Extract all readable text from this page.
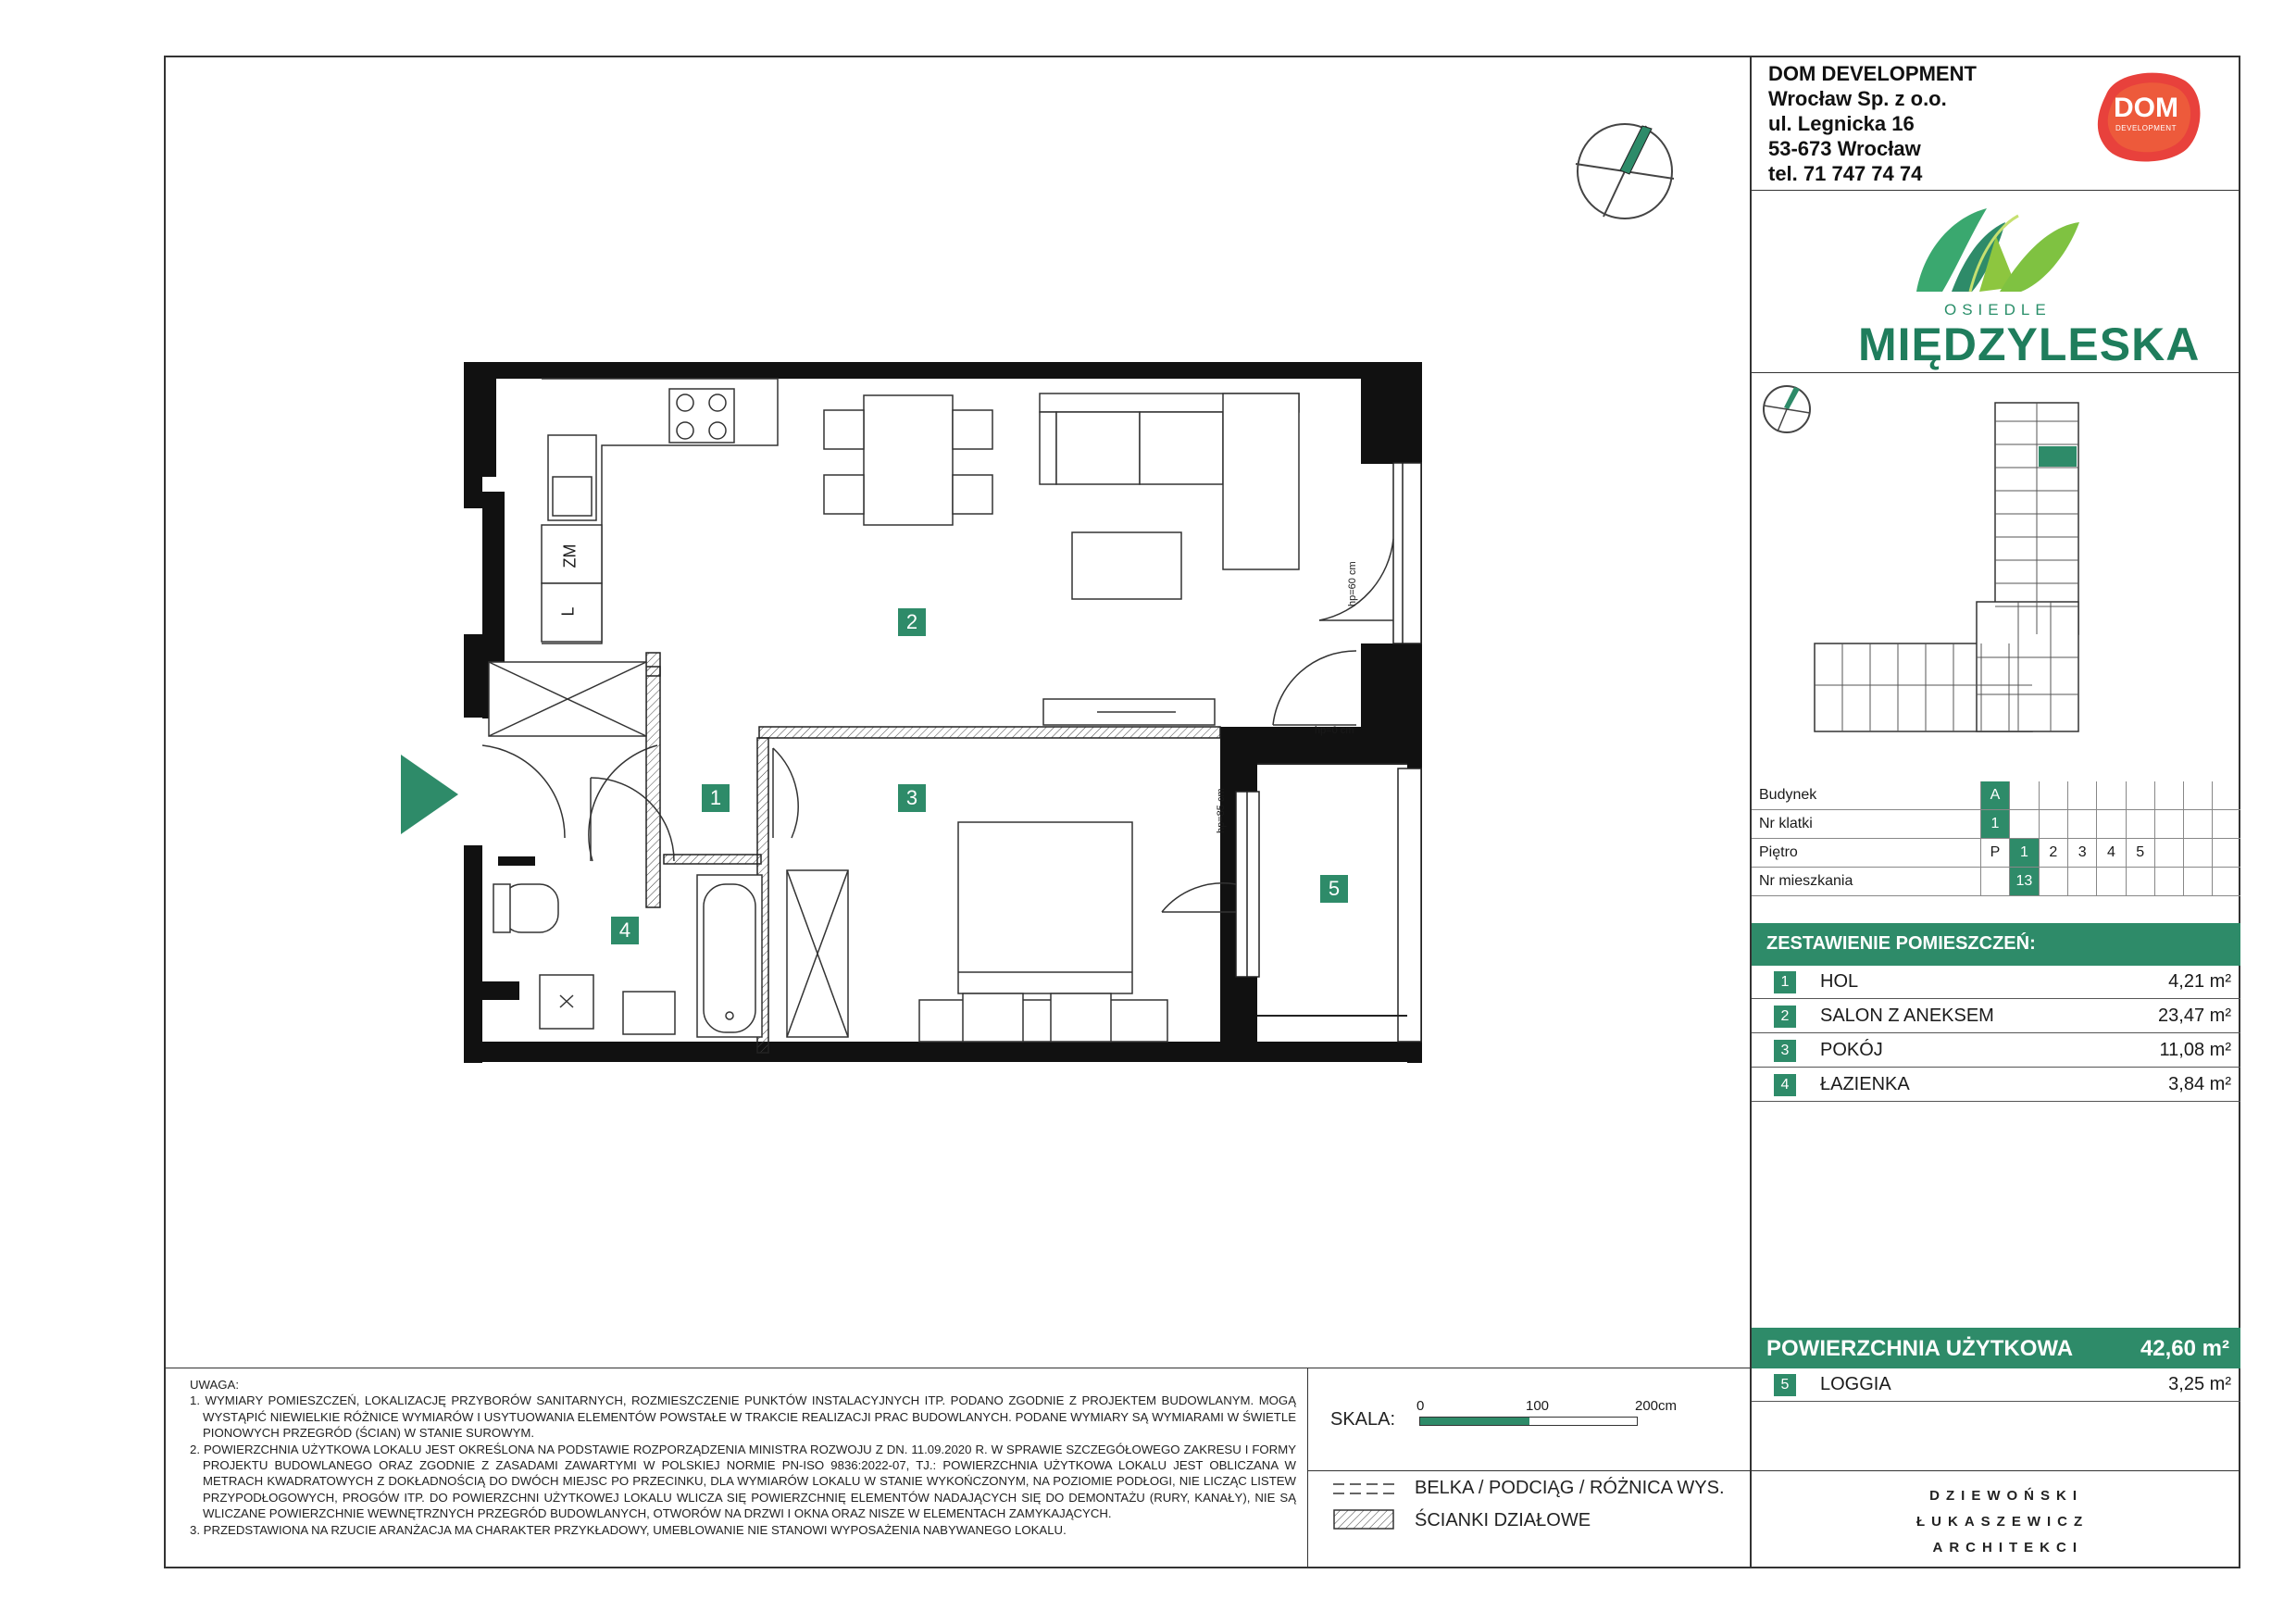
DOM DEVELOPMENT
Wrocław Sp. z o.o.
ul. Legnicka 16
53-673 Wrocław
tel. 71 747 74 74
DOM
DEVELOPMENT
OSIEDLE
MIĘDZYLESKA
Budynek	A								
Nr klatki	1								
Piętro	P	1	2	3	4	5			
Nr mieszkania		13							
ZESTAWIENIE POMIESZCZEŃ:
1	HOL	4,21 m²
2	SALON Z ANEKSEM	23,47 m²
3	POKÓJ	11,08 m²
4	ŁAZIENKA	3,84 m²
POWIERZCHNIA UŻYTKOWA	42,60 m²
5	LOGGIA	3,25 m²

UWAGA:

1. WYMIARY POMIESZCZEŃ, LOKALIZACJĘ PRZYBORÓW SANITARNYCH, ROZMIESZCZENIE PUNKTÓW INSTALACYJNYCH ITP. PODANO ZGODNIE Z PROJEKTEM BUDOWLANYM. MOGĄ WYSTĄPIĆ NIEWIELKIE RÓŻNICE WYMIARÓW I USYTUOWANIA ELEMENTÓW POWSTAŁE W TRAKCIE REALIZACJI PRAC BUDOWLANYCH. PODANE WYMIARY SĄ WYMIARAMI W ŚWIETLE PIONOWYCH PRZEGRÓD (ŚCIAN) W STANIE SUROWYM.

2. POWIERZCHNIA UŻYTKOWA LOKALU JEST OKREŚLONA NA PODSTAWIE ROZPORZĄDZENIA MINISTRA ROZWOJU Z DN. 11.09.2020 R. W SPRAWIE SZCZEGÓŁOWEGO ZAKRESU I FORMY PROJEKTU BUDOWLANEGO ORAZ ZGODNIE Z ZASADAMI ZAWARTYMI W POLSKIEJ NORMIE PN-ISO 9836:2022-07, TJ.: POWIERZCHNIA UŻYTKOWA LOKALU JEST OBLICZANA W METRACH KWADRATOWYCH Z DOKŁADNOŚCIĄ DO DWÓCH MIEJSC PO PRZECINKU, DLA WYMIARÓW LOKALU W STANIE WYKOŃCZONYM, NA POZIOMIE PODŁOGI, NIE LICZĄC LISTEW PRZYPODŁOGOWYCH, PROGÓW ITP. DO POWIERZCHNI UŻYTKOWEJ LOKALU WLICZA SIĘ POWIERZCHNIĘ ELEMENTÓW NADAJĄCYCH SIĘ DO DEMONTAŻU (RURY, KANAŁY), NIE SĄ WLICZANE POWIERZCHNIE WEWNĘTRZNYCH PRZEGRÓD BUDOWLANYCH, OTWORÓW NA DRZWI I OKNA ORAZ NISZE W ELEMENTACH ZAMYKAJĄCYCH.

3. PRZEDSTAWIONA NA RZUCIE ARANŻACJA MA CHARAKTER PRZYKŁADOWY, UMEBLOWANIE NIE STANOWI WYPOSAŻENIA NABYWANEGO LOKALU.

SKALA:
0	100	200cm
BELKA / PODCIĄG / RÓŻNICA WYS.
ŚCIANKI DZIAŁOWE
DZIEWOŃSKI
ŁUKASZEWICZ
ARCHITEKCI
ZM
L
hp=60 cm
hp=0 cm
hp=85 cm
1
2
3
4
5
